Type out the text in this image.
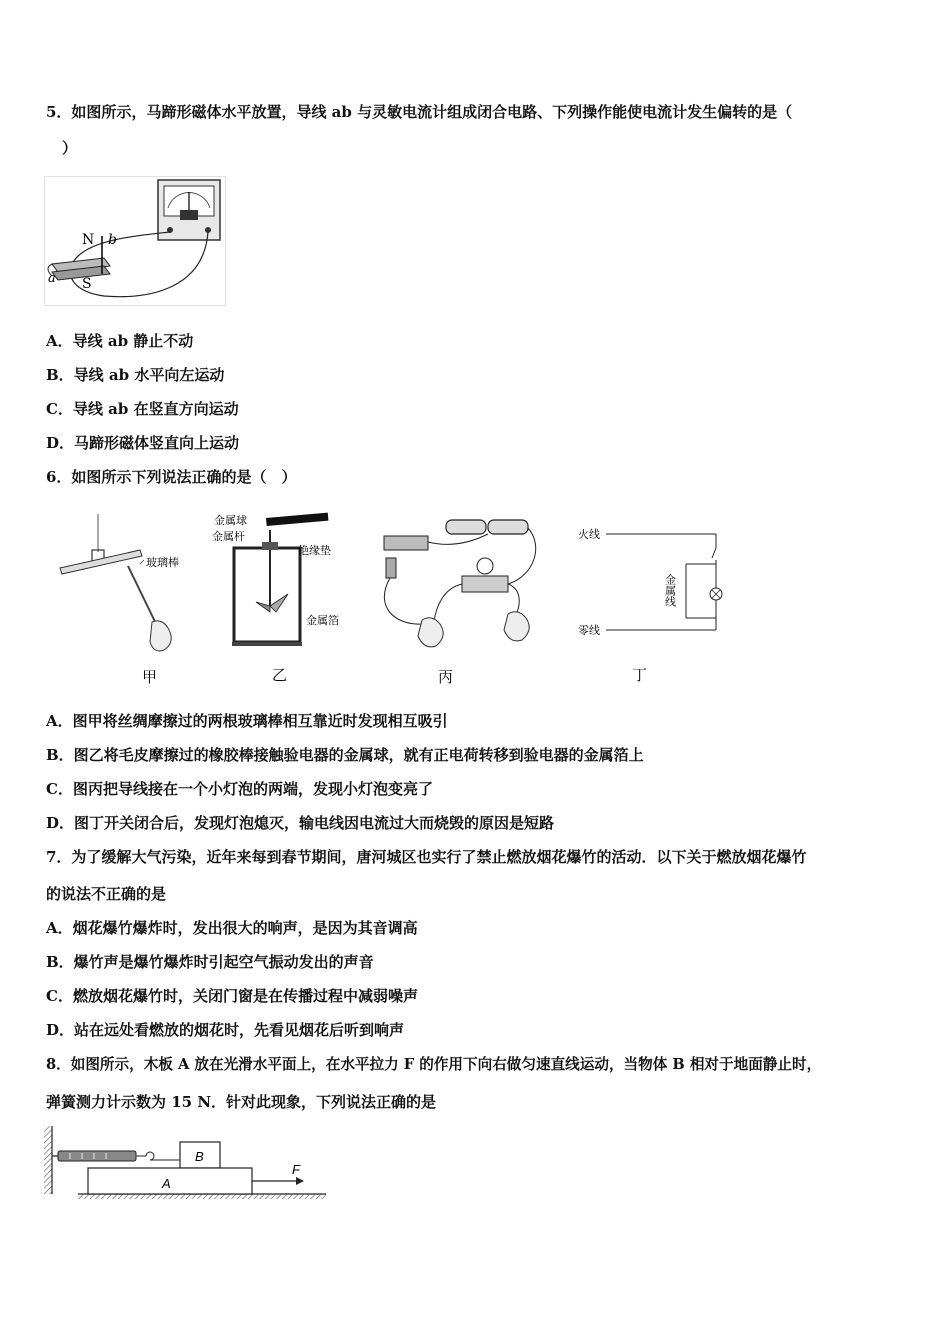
5．如图所示，马蹄形磁体水平放置，导线 ab 与灵敏电流计组成闭合电路、下列操作能使电流计发生偏转的是（
）
N b
a S
A．导线 ab 静止不动
B．导线 ab 水平向左运动
C．导线 ab 在竖直方向运动
D．马蹄形磁体竖直向上运动
6．如图所示下列说法正确的是（　）
玻璃棒
甲
金属球
金属杆
绝缘垫
金属箔
乙	丙
火线
零线
金属线
丁
A．图甲将丝绸摩擦过的两根玻璃棒相互靠近时发现相互吸引
B．图乙将毛皮摩擦过的橡胶棒接触验电器的金属球，就有正电荷转移到验电器的金属箔上
C．图丙把导线接在一个小灯泡的两端，发现小灯泡变亮了
D．图丁开关闭合后，发现灯泡熄灭，输电线因电流过大而烧毁的原因是短路
7．为了缓解大气污染，近年来每到春节期间，唐河城区也实行了禁止燃放烟花爆竹的活动．以下关于燃放烟花爆竹
的说法不正确的是
A．烟花爆竹爆炸时，发出很大的响声，是因为其音调高
B．爆竹声是爆竹爆炸时引起空气振动发出的声音
C．燃放烟花爆竹时，关闭门窗是在传播过程中减弱噪声
D．站在远处看燃放的烟花时，先看见烟花后听到响声
8．如图所示，木板 A 放在光滑水平面上，在水平拉力 F 的作用下向右做匀速直线运动，当物体 B 相对于地面静止时，
弹簧测力计示数为 15 N．针对此现象，下列说法正确的是
B
A
F
